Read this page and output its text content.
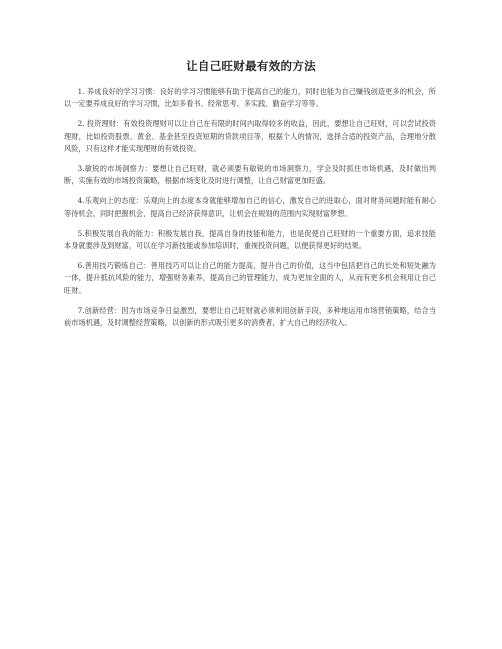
让自己旺财最有效的方法

1. 养成良好的学习习惯：良好的学习习惯能够有助于提高自己的能力，同时也能为自己赚钱创造更多的机会，所以一定要养成良好的学习习惯，比如多看书、经常思考、多实践、勤奋学习等等。

2. 投资理财：有效投资理财可以让自己在有限的时间内取得较多的收益，因此，要想让自己旺财，可以尝试投资理财，比如投资股票、黄金、基金甚至投资短期的贷款项目等，根据个人的情况，选择合适的投资产品，合理地分散风险，只有这样才能实现理财的有效投资。

3.敏锐的市场洞察力：要想让自己旺财，就必须要有敏锐的市场洞察力，学会及时抓住市场机遇，及时做出判断，实施有效的市场投资策略，根据市场变化及时进行调整，让自己财富更加旺盛。

4.乐观向上的态度：乐观向上的态度本身就能够增加自己的信心，激发自己的进取心，面对财务问题时能有耐心等待机会，同时把握机会，提高自己经济获得意识，让机会在规划的范围内实现财富梦想。

5.积极发展自我的能力：积极发展自我，提高自身的技能和能力，也是促使自己旺财的一个重要方面，追求技能本身就要涉及到财富，可以在学习新技能或参加培训时，重视投资问题，以便获得更好的结果。

6.善用技巧锻炼自己：善用技巧可以让自己的能力提高，提升自己的价值，这当中包括把自己的长处和短处融为一体，提升抵抗风险的能力，增强财务素养，提高自己的管理能力，成为更加全面的人，从而有更多机会利用让自己旺财。

7.创新经营：因为市场竞争日益激烈，要想让自己旺财就必须利用创新手段，多种地运用市场营销策略，结合当前市场机遇，及时调整经营策略，以创新的形式吸引更多的消费者，扩大自己的经济收入。
